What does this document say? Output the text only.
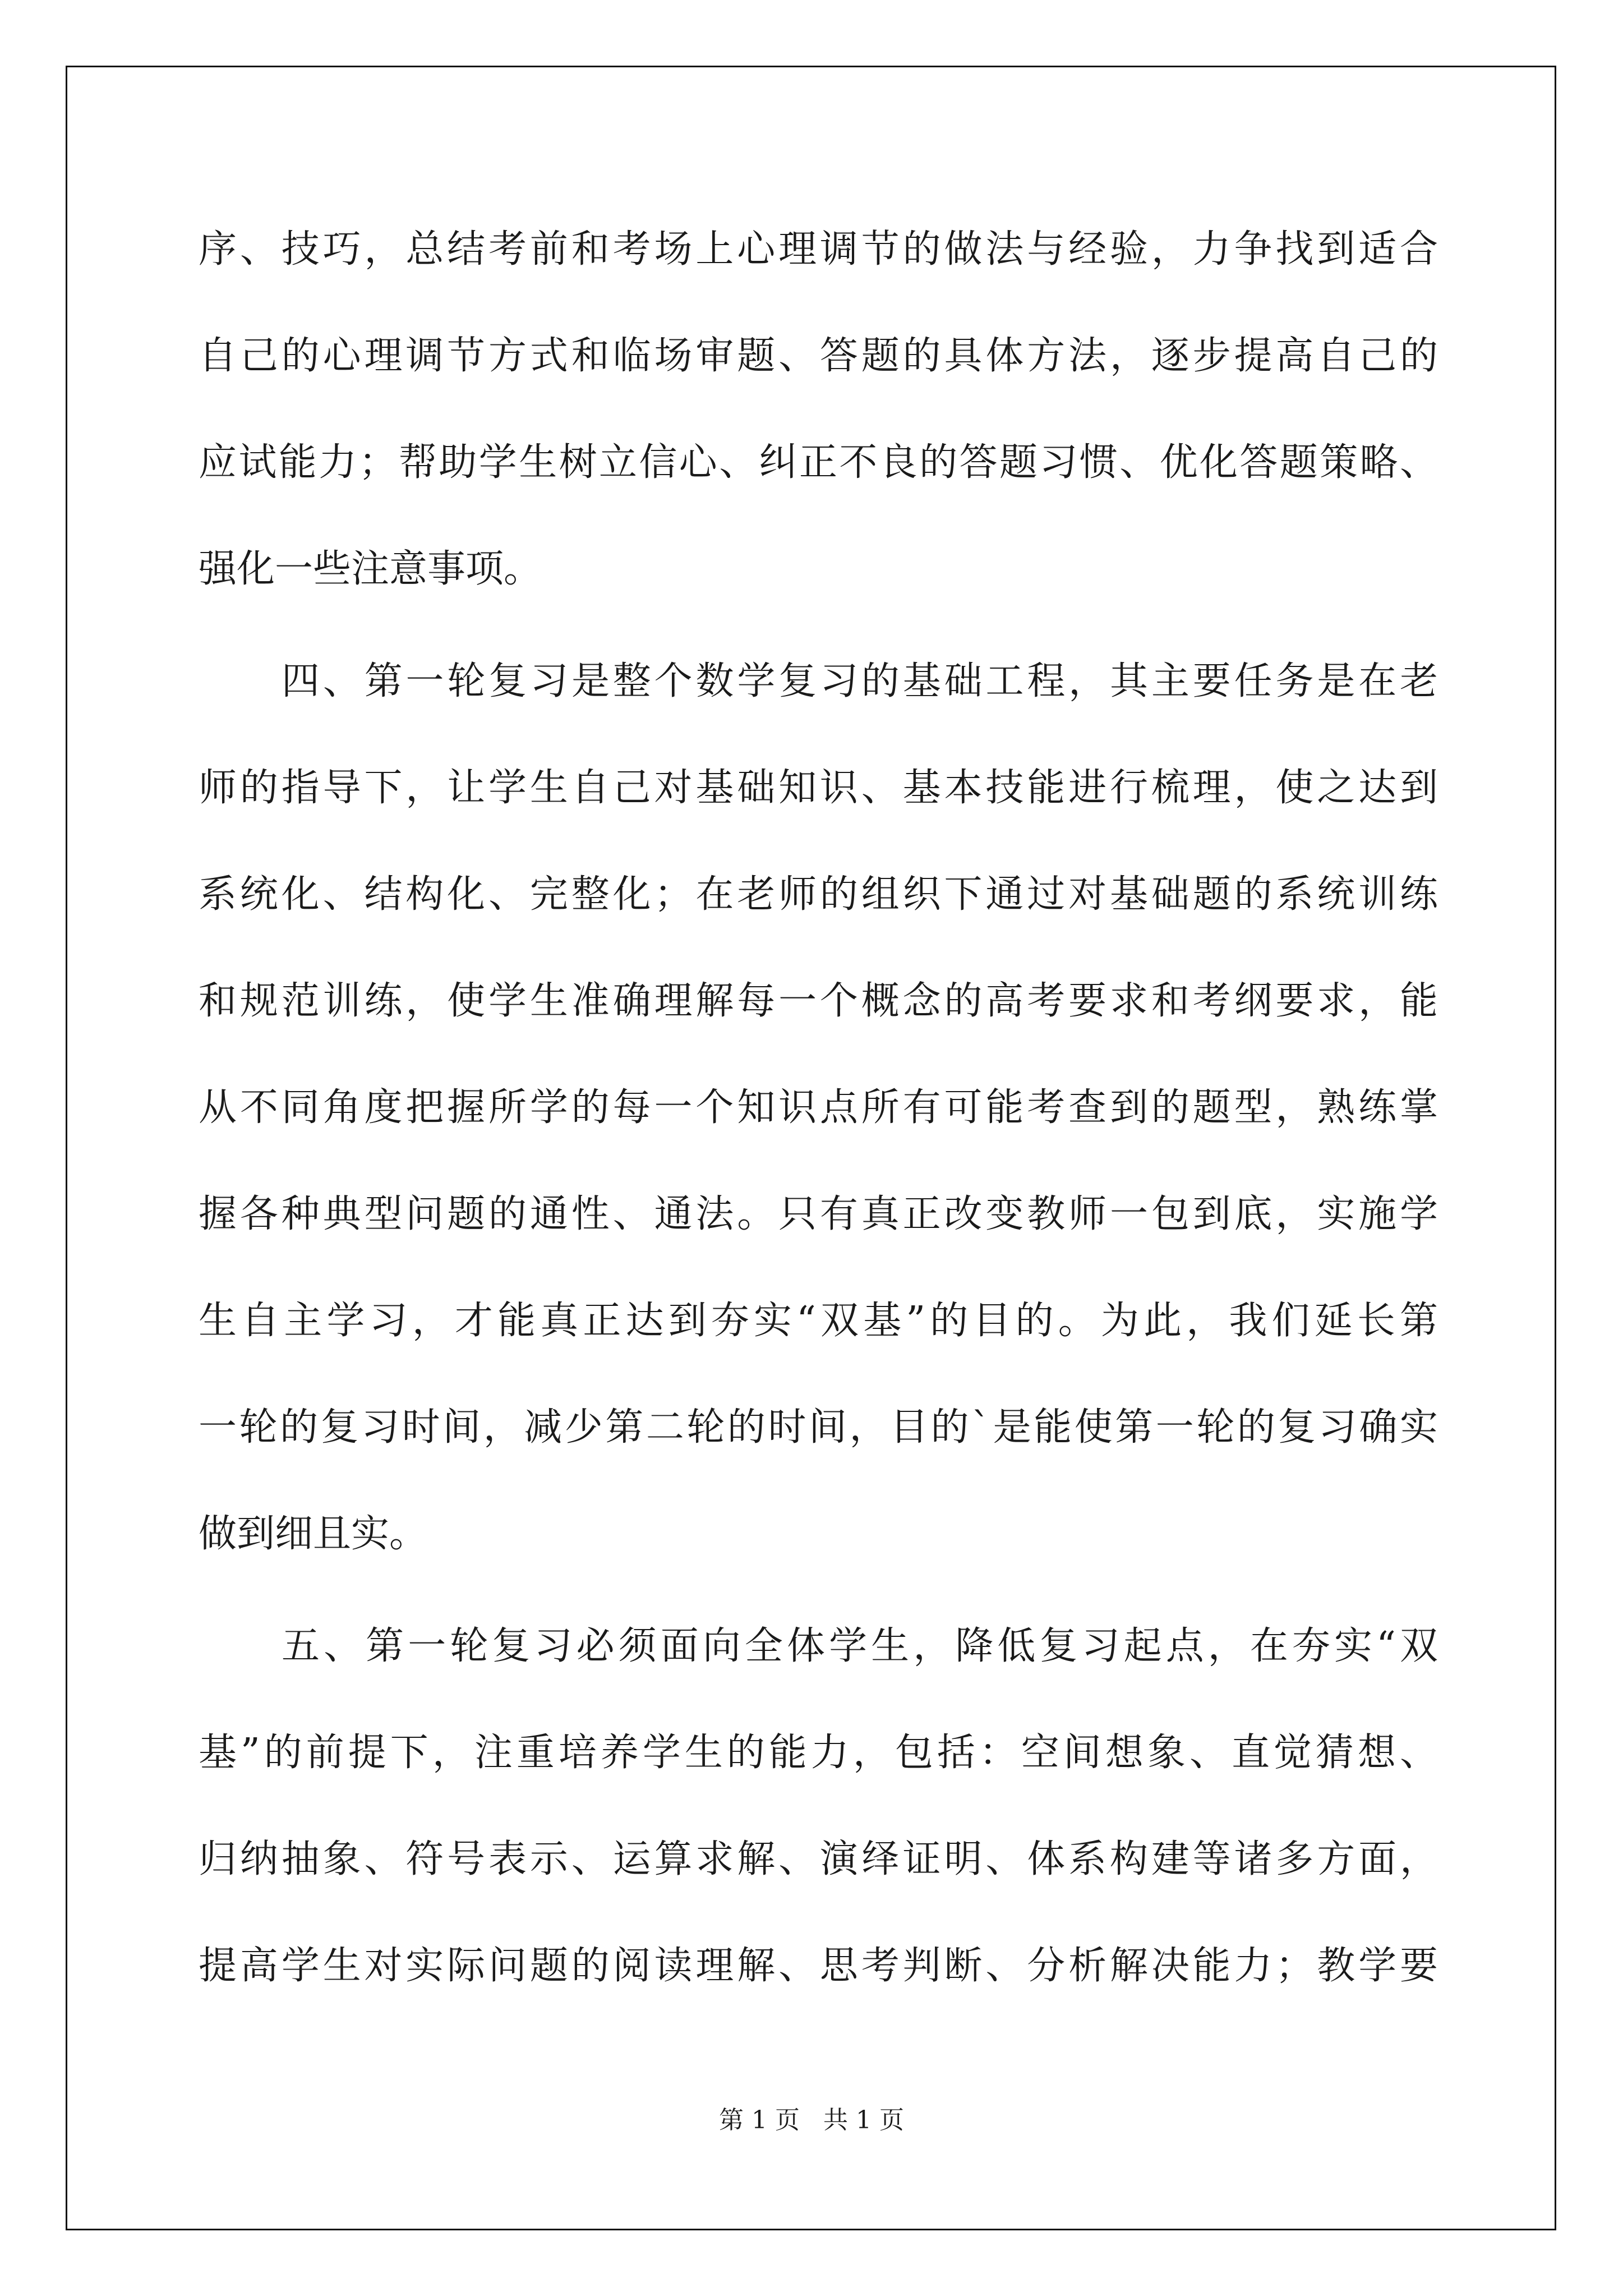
序、技巧，总结考前和考场上心理调节的做法与经验，力争找到适合
自己的心理调节方式和临场审题、答题的具体方法，逐步提高自己的
应试能力；帮助学生树立信心、纠正不良的答题习惯、优化答题策略、
强化一些注意事项。
四、第一轮复习是整个数学复习的基础工程，其主要任务是在老
师的指导下，让学生自己对基础知识、基本技能进行梳理，使之达到
系统化、结构化、完整化；在老师的组织下通过对基础题的系统训练
和规范训练，使学生准确理解每一个概念的高考要求和考纲要求，能
从不同角度把握所学的每一个知识点所有可能考查到的题型，熟练掌
握各种典型问题的通性、通法。只有真正改变教师一包到底，实施学
生自主学习，才能真正达到夯实“双基”的目的。为此，我们延长第
一轮的复习时间，减少第二轮的时间，目的`是能使第一轮的复习确实
做到细且实。
五、第一轮复习必须面向全体学生，降低复习起点，在夯实“双
基”的前提下，注重培养学生的能力，包括：空间想象、直觉猜想、
归纳抽象、符号表示、运算求解、演绎证明、体系构建等诸多方面，
提高学生对实际问题的阅读理解、思考判断、分析解决能力；教学要
第 1 页   共 1 页
